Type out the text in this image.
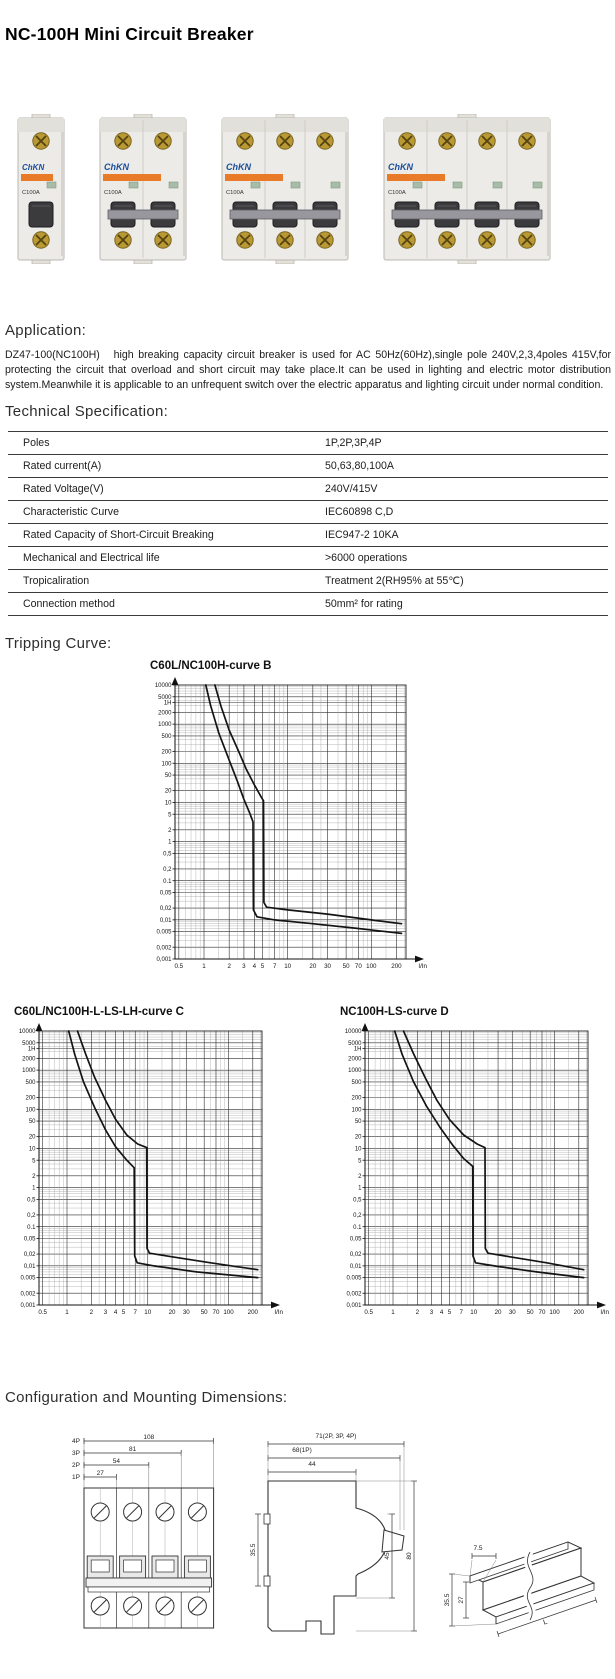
NC-100H Mini Circuit Breaker
ChKN
C100A
ChKN
C100A
ChKN
C100A
ChKN
C100A
Application:

DZ47-100(NC100H)   high breaking capacity circuit breaker is used for AC 50Hz(60Hz),single pole 240V,2,3,4poles 415V,for protecting the circuit that overload and short circuit may take place.It can be used in lighting and electric motor distribution system.Meanwhile it is applicable to an unfrequent switch over the electric apparatus and lighting circuit under normal condition.

Technical Specification:
Poles	1P,2P,3P,4P
Rated current(A)	50,63,80,100A
Rated Voltage(V)	240V/415V
Characteristic Curve	IEC60898 C,D
Rated Capacity of Short-Circuit Breaking	IEC947-2 10KA
Mechanical and Electrical life	>6000 operations
Tropicaliration	Treatment 2(RH95% at 55℃)
Connection method	50mm² for rating
Tripping Curve:
C60L/NC100H-curve B
10000
5000
1H
2000
1000
500
200
100
50
20
10
5
2
1
0,5
0,2
0.1
0,05
0,02
0,01
0.005
0,002
0,001
0.5	1	2 3 4 5 7 10	20 30 50 70 100 200	I/In
C60L/NC100H-L-LS-LH-curve C
10000
5000
1H
2000
1000
500
200
100
50
20
10
5
2
1
0,5
0,2
0.1
0,05
0,02
0,01
0.005
0,002
0,001
0.5	1	2 3 4 5 7 10	20 30 50 70 100 200	I/In
NC100H-LS-curve D
10000
5000
1H
2000
1000
500
200
100
50
20
10
5
2
1
0,5
0,2
0.1
0,05
0,02
0,01
0.005
0,002
0,001
0.5	1	2 3 4 5 7 10	20 30 50 70 100 200	I/In
Configuration and Mounting Dimensions:
4P
108
3P
81
2P
54
1P
27
71(2P, 3P, 4P)
68(1P)
44
35.5	45 80
7.5
35.5 27
L
